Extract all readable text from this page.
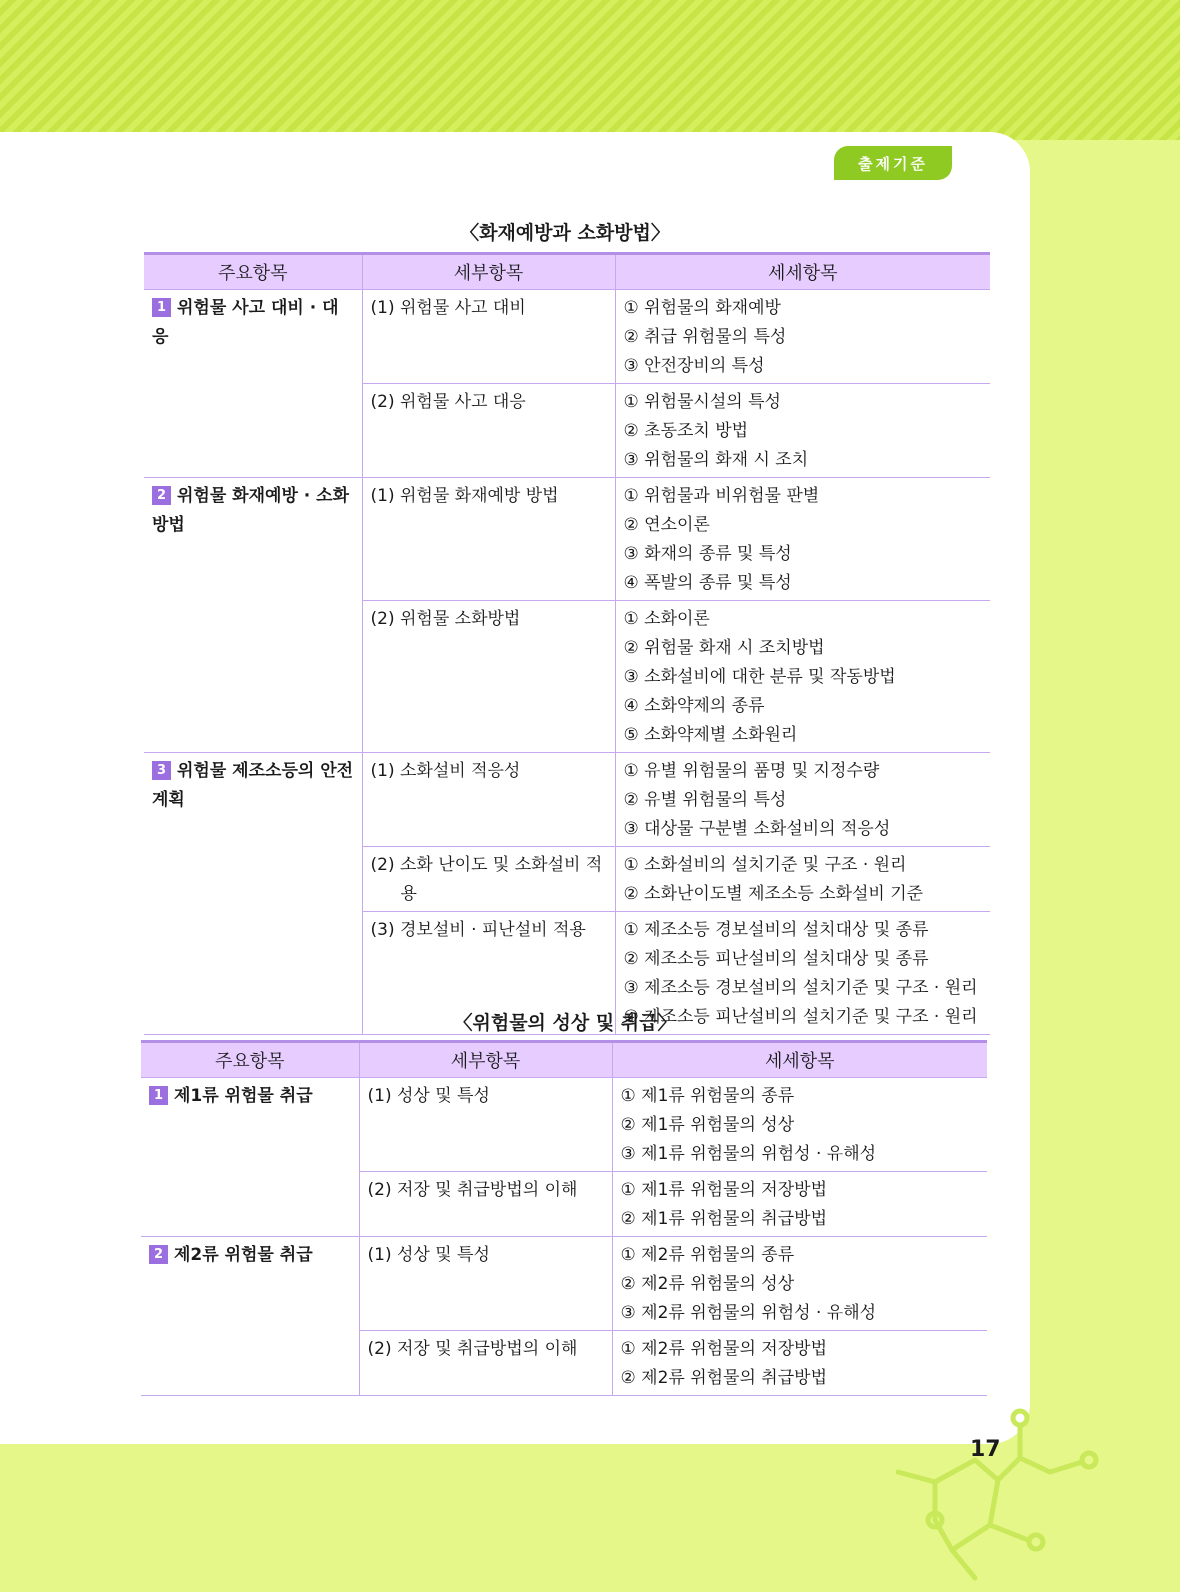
출제기준
〈화재예방과 소화방법〉
주요항목	세부항목	세세항목
1 위험물 사고 대비 · 대응	(1) 위험물 사고 대비	① 위험물의 화재예방
② 취급 위험물의 특성
③ 안전장비의 특성

	(2) 위험물 사고 대응	① 위험물시설의 특성
② 초동조치 방법
③ 위험물의 화재 시 조치

2 위험물 화재예방 · 소화방법	(1) 위험물 화재예방 방법	① 위험물과 비위험물 판별
② 연소이론
③ 화재의 종류 및 특성
④ 폭발의 종류 및 특성

	(2) 위험물 소화방법	① 소화이론
② 위험물 화재 시 조치방법
③ 소화설비에 대한 분류 및 작동방법
④ 소화약제의 종류
⑤ 소화약제별 소화원리

3 위험물 제조소등의 안전계획	(1) 소화설비 적응성	① 유별 위험물의 품명 및 지정수량
② 유별 위험물의 특성
③ 대상물 구분별 소화설비의 적응성

	(2) 소화 난이도 및 소화설비 적용	① 소화설비의 설치기준 및 구조 · 원리
② 소화난이도별 제조소등 소화설비 기준

	(3) 경보설비 · 피난설비 적용	① 제조소등 경보설비의 설치대상 및 종류
② 제조소등 피난설비의 설치대상 및 종류
③ 제조소등 경보설비의 설치기준 및 구조 · 원리
④ 제조소등 피난설비의 설치기준 및 구조 · 원리
〈위험물의 성상 및 취급〉
주요항목	세부항목	세세항목
1 제1류 위험물 취급	(1) 성상 및 특성	① 제1류 위험물의 종류
② 제1류 위험물의 성상
③ 제1류 위험물의 위험성 · 유해성

	(2) 저장 및 취급방법의 이해	① 제1류 위험물의 저장방법
② 제1류 위험물의 취급방법

2 제2류 위험물 취급	(1) 성상 및 특성	① 제2류 위험물의 종류
② 제2류 위험물의 성상
③ 제2류 위험물의 위험성 · 유해성

	(2) 저장 및 취급방법의 이해	① 제2류 위험물의 저장방법
② 제2류 위험물의 취급방법
17
